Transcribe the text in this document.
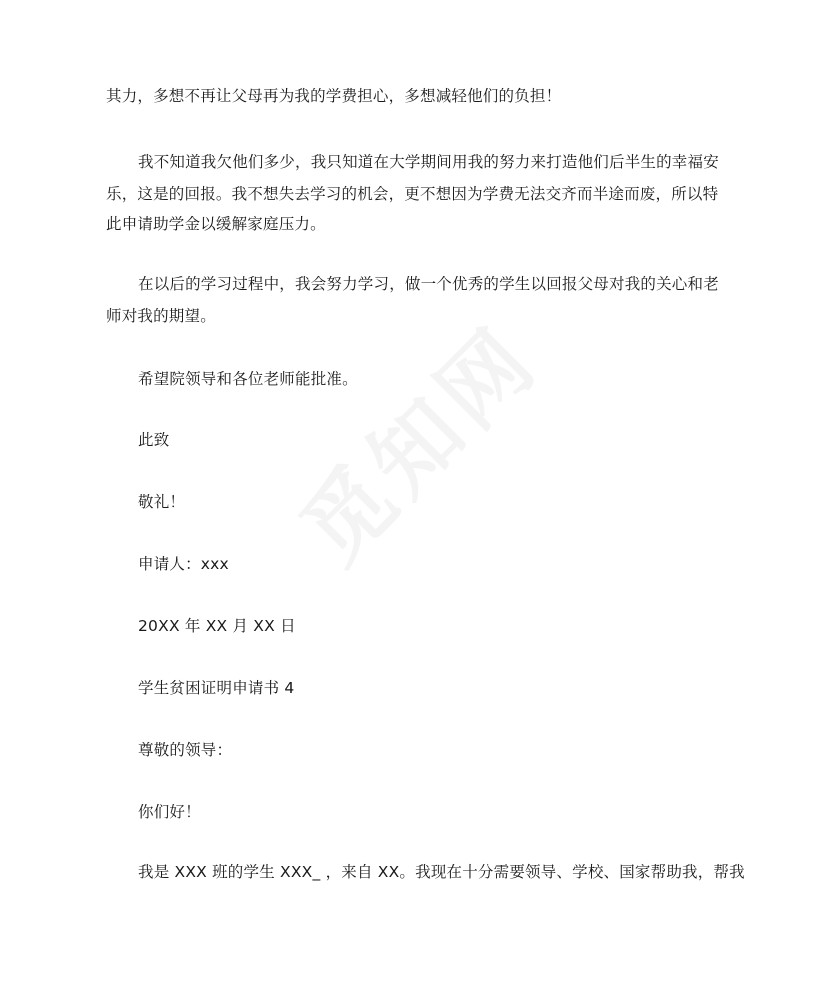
其力，多想不再让父母再为我的学费担心，多想减轻他们的负担！
我不知道我欠他们多少，我只知道在大学期间用我的努力来打造他们后半生的幸福安
乐，这是的回报。我不想失去学习的机会，更不想因为学费无法交齐而半途而废，所以特
此申请助学金以缓解家庭压力。
在以后的学习过程中，我会努力学习，做一个优秀的学生以回报父母对我的关心和老
师对我的期望。
希望院领导和各位老师能批准。
此致
敬礼！
申请人：xxx
20XX 年 XX 月 XX 日
学生贫困证明申请书 4
尊敬的领导：
你们好！
我是 XXX 班的学生 XXX_ ，来自 XX。我现在十分需要领导、学校、国家帮助我，帮我
